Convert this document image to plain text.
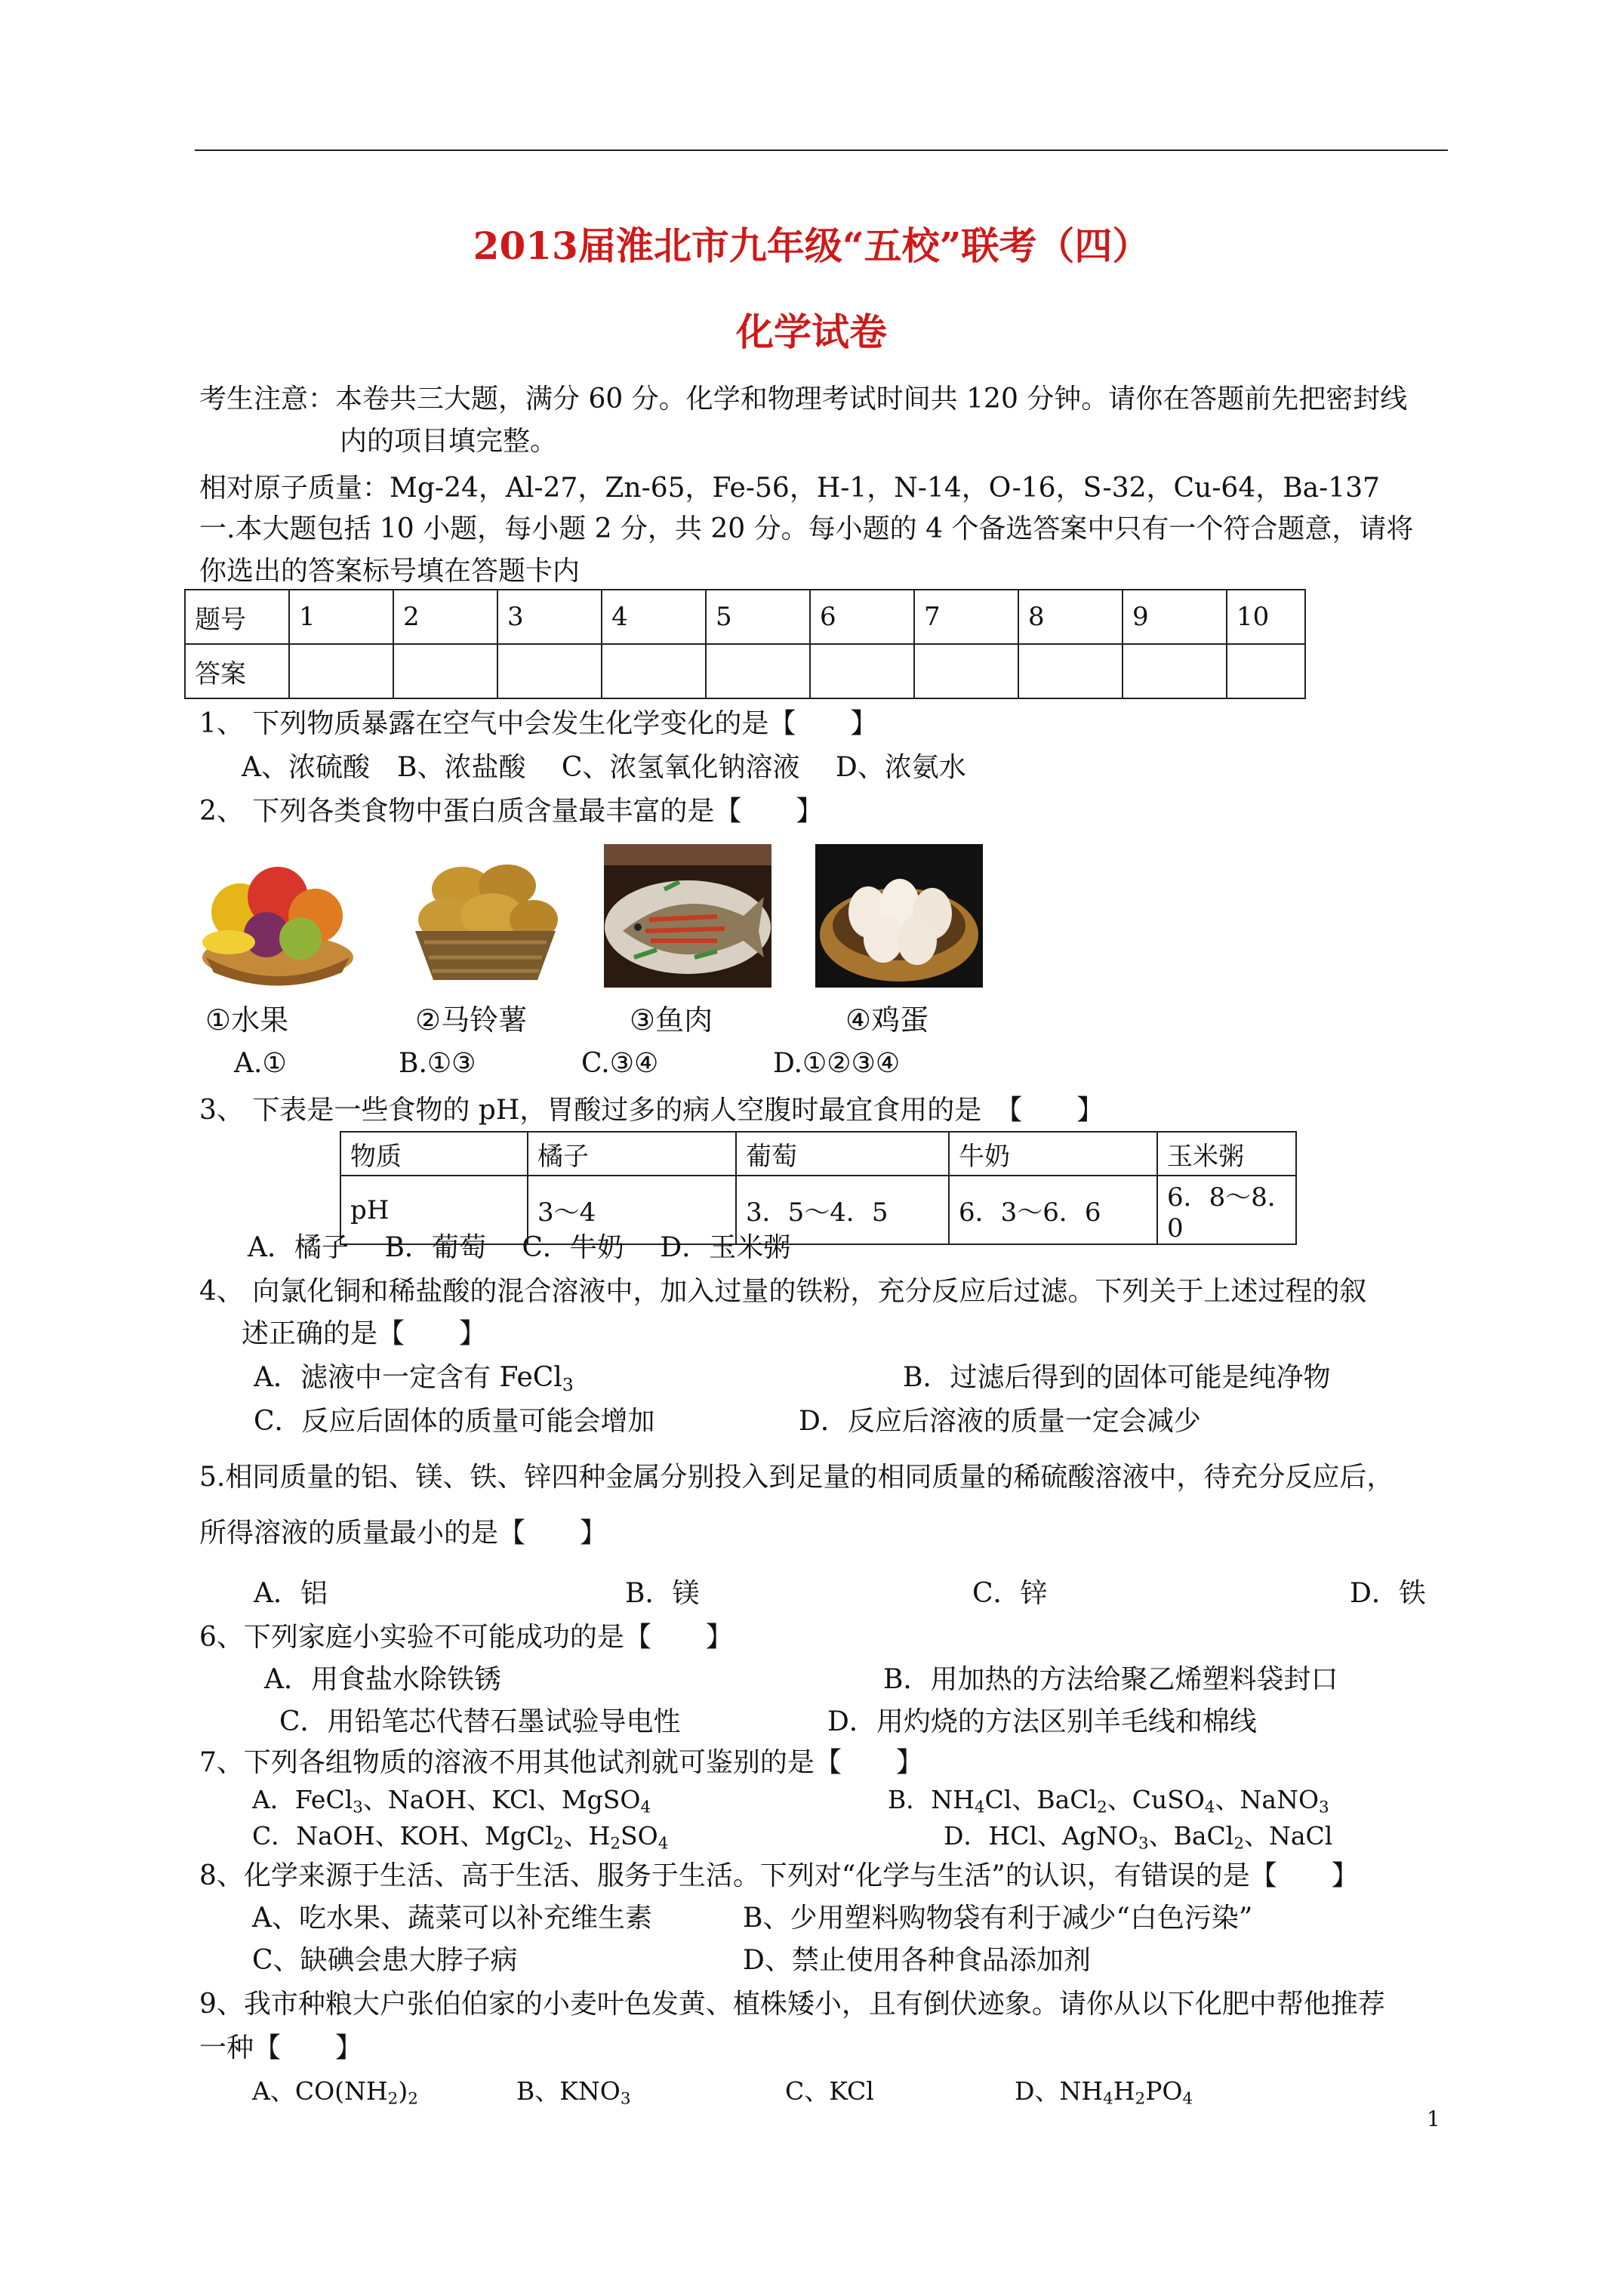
2013届淮北市九年级“五校”联考（四）
化学试卷
考生注意：本卷共三大题，满分 60 分。化学和物理考试时间共 120 分钟。请你在答题前先把密封线
内的项目填完整。
相对原子质量：Mg-24，Al-27，Zn-65，Fe-56，H-1，N-14，O-16，S-32，Cu-64，Ba-137
一.本大题包括 10 小题，每小题 2 分，共 20 分。每小题的 4 个备选答案中只有一个符合题意，请将
你选出的答案标号填在答题卡内
题号	1	2	3	4	5	6	7	8	9	10
答案										
1、 下列物质暴露在空气中会发生化学变化的是【　　】
A、浓硫酸　B、浓盐酸　 C、浓氢氧化钠溶液　 D、浓氨水
2、 下列各类食物中蛋白质含量最丰富的是【　　】
①水果	②马铃薯	③鱼肉	④鸡蛋
A.①	B.①③	C.③④	D.①②③④
3、 下表是一些食物的 pH，胃酸过多的病人空腹时最宜食用的是　【　　】
物质	橘子	葡萄	牛奶	玉米粥
pH	3～4	3．5～4．5	6．3～6．6	6．8～8．0
A．橘子　 B．葡萄　 C．牛奶　 D．玉米粥
4、 向氯化铜和稀盐酸的混合溶液中，加入过量的铁粉，充分反应后过滤。下列关于上述过程的叙
述正确的是【　　】
A．滤液中一定含有 FeCl$_3$	B．过滤后得到的固体可能是纯净物
C．反应后固体的质量可能会增加	D．反应后溶液的质量一定会减少
5.相同质量的铝、镁、铁、锌四种金属分别投入到足量的相同质量的稀硫酸溶液中，待充分反应后，
所得溶液的质量最小的是【　　】
A．铝	B．镁	C．锌	D．铁
6、下列家庭小实验不可能成功的是【　　】
A．用食盐水除铁锈	B．用加热的方法给聚乙烯塑料袋封口
C．用铅笔芯代替石墨试验导电性	D．用灼烧的方法区别羊毛线和棉线
7、下列各组物质的溶液不用其他试剂就可鉴别的是【　　】
A．FeCl$_3$、NaOH、KCl、MgSO$_4$	B．$NH_4Cl$、BaCl$_2$、CuSO$_4$、NaNO$_3$
C．NaOH、KOH、MgCl$_2$、$H_2SO_4$	D．HCl、AgNO$_3$、BaCl$_2$、NaCl
8、化学来源于生活、高于生活、服务于生活。下列对“化学与生活”的认识，有错误的是【　　】
A、吃水果、蔬菜可以补充维生素	B、少用塑料购物袋有利于减少“白色污染”
C、缺碘会患大脖子病	D、禁止使用各种食品添加剂
9、我市种粮大户张伯伯家的小麦叶色发黄、植株矮小，且有倒伏迹象。请你从以下化肥中帮他推荐
一种【　　】
A、$CO(NH_2)_2$	B、$KNO_3$	C、KCl	D、$NH_4H_2PO_4$
1
